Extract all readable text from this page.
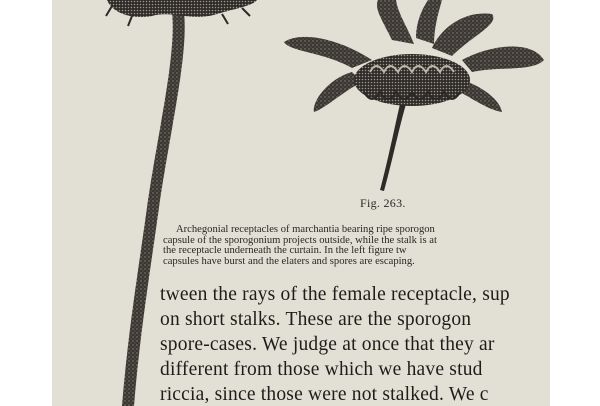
Fig. 263.
Archegonial receptacles of marchantia bearing ripe sporogon
capsule of the sporogonium projects outside, while the stalk is at
the receptacle underneath the curtain. In the left figure tw
capsules have burst and the elaters and spores are escaping.
tween the rays of the female receptacle, sup
on short stalks. These are the sporogon
spore-cases. We judge at once that they ar
different from those which we have stud
riccia, since those were not stalked. We c
